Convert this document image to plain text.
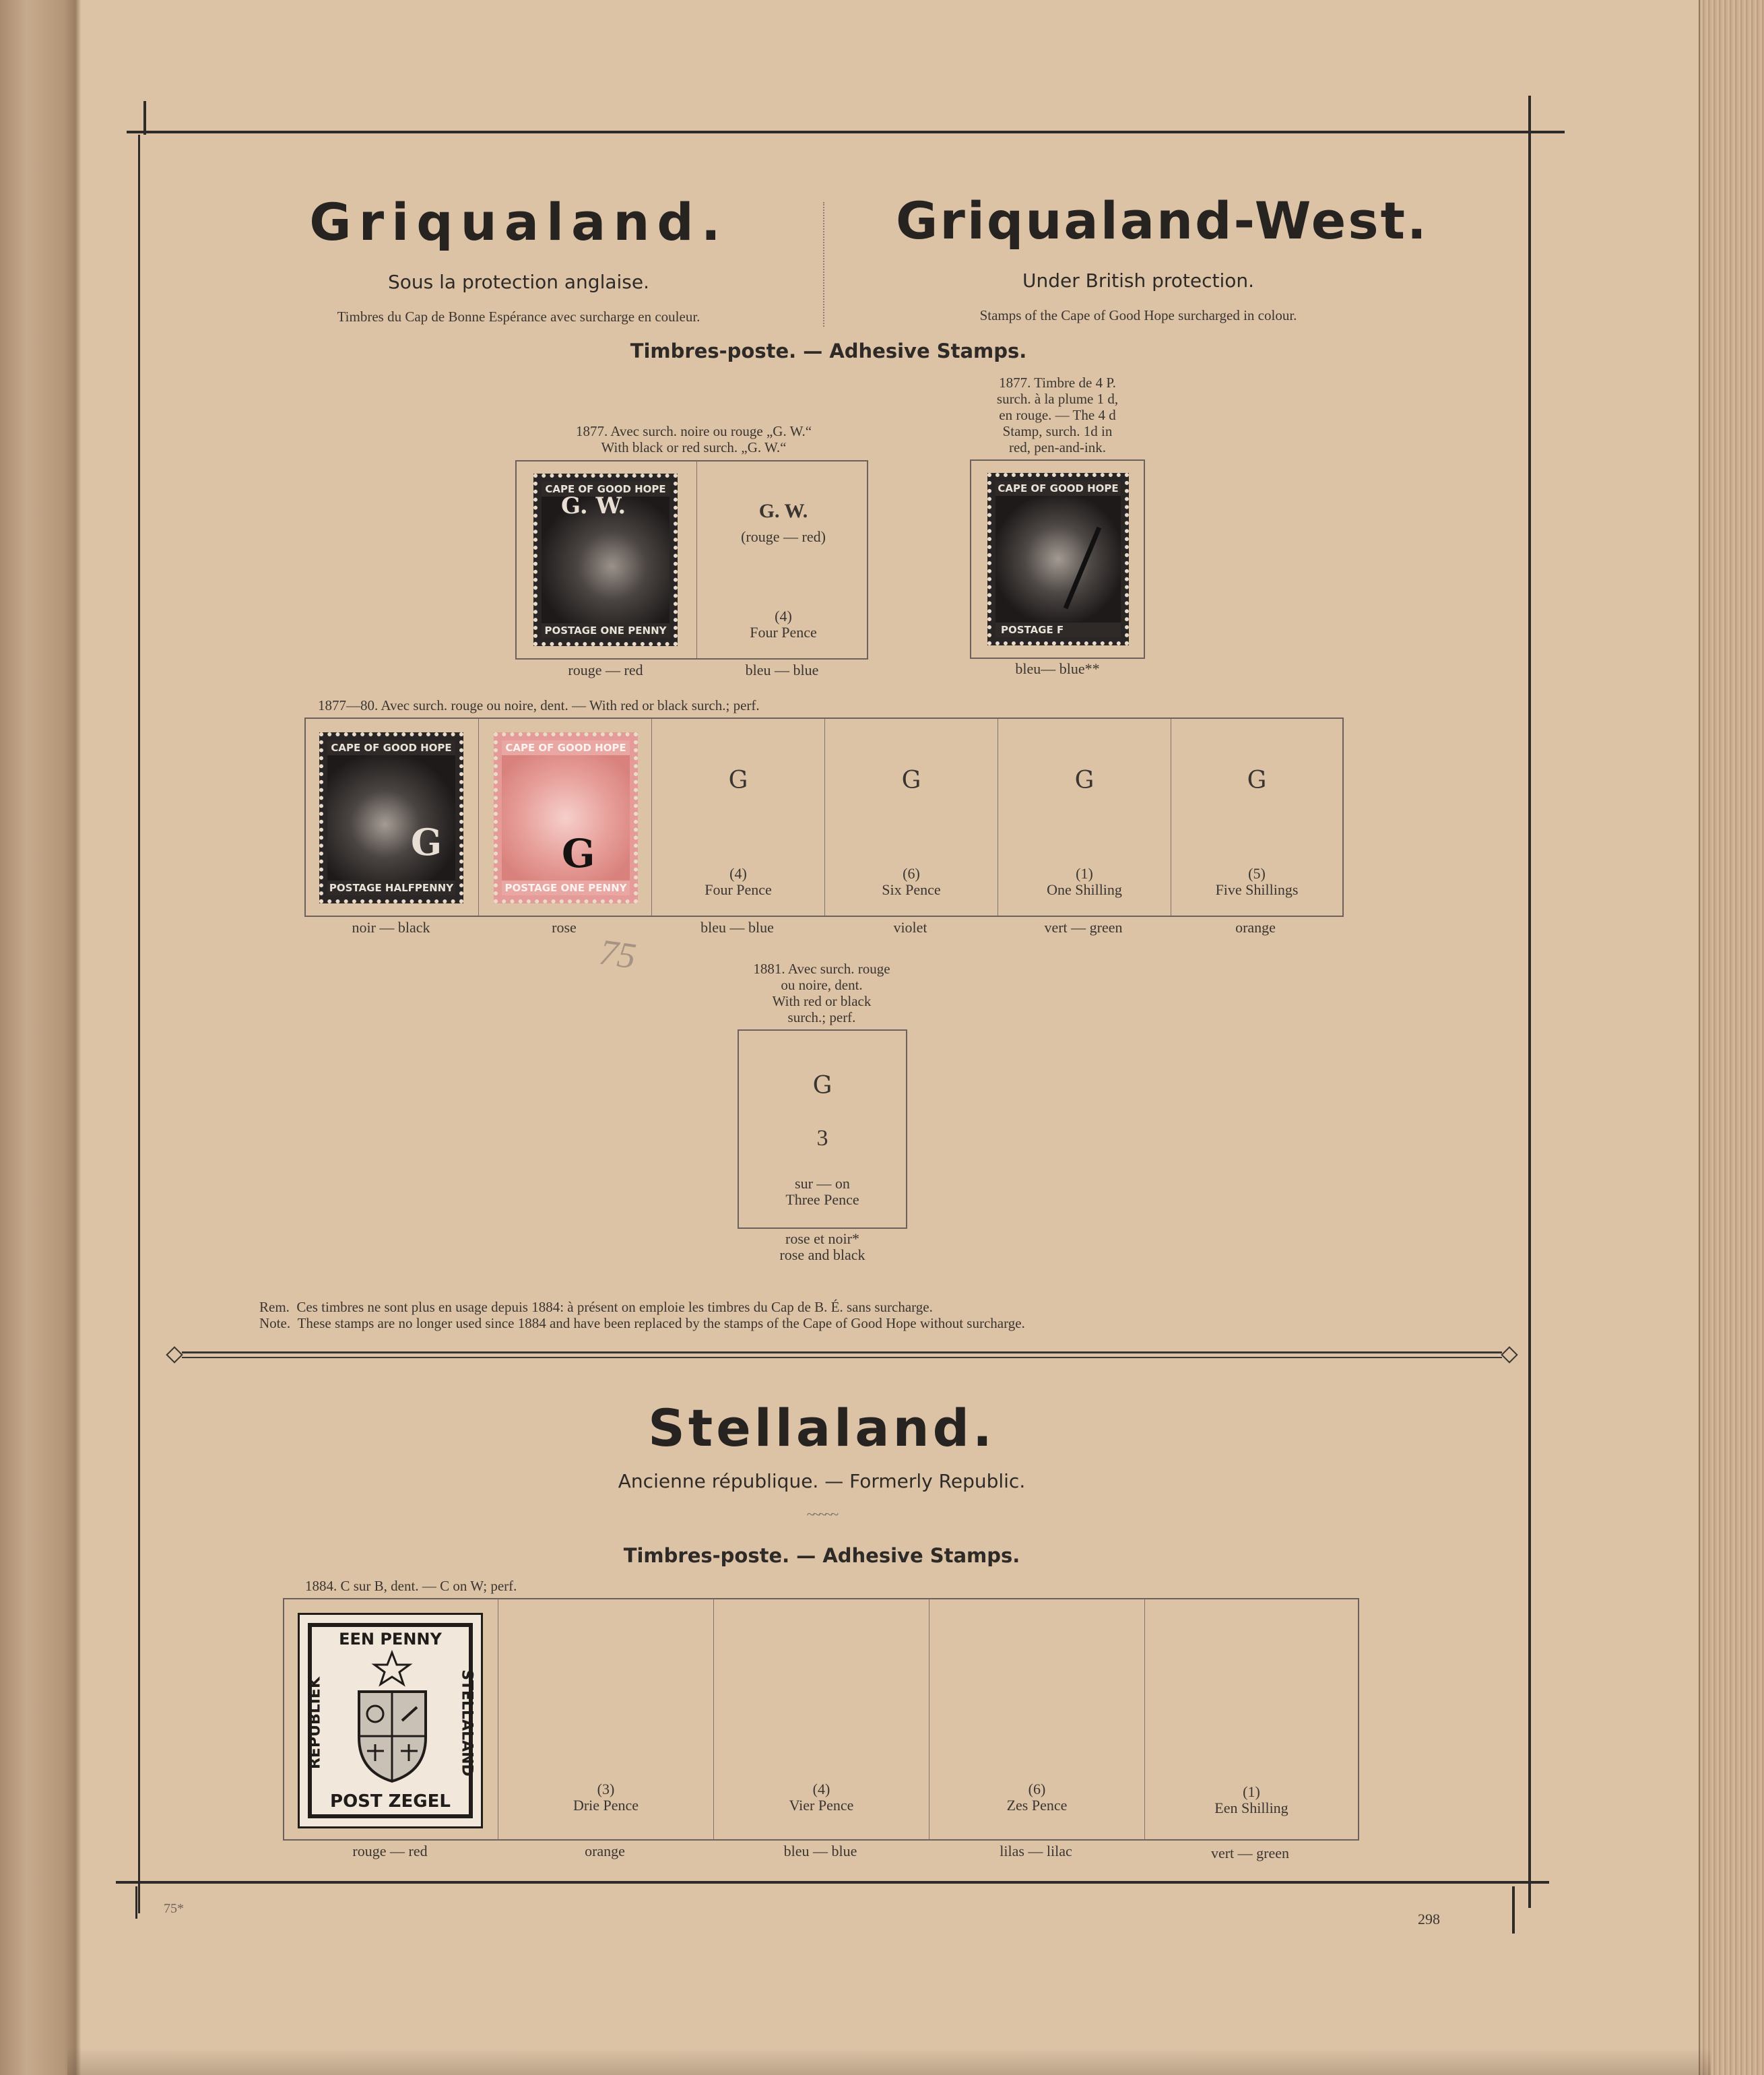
Griqualand.
Sous la protection anglaise.
Timbres du Cap de Bonne Espérance avec surcharge en couleur.
Griqualand-West.
Under British protection.
Stamps of the Cape of Good Hope surcharged in colour.
Timbres-poste. — Adhesive Stamps.
1877. Avec surch. noire ou rouge „G. W.“
With black or red surch. „G. W.“
CAPE OF GOOD HOPE
POSTAGE ONE PENNY
G. W.	G. W.
(rouge — red)
(4)
Four Pence
rouge — red	bleu — blue
1877. Timbre de 4 P.
surch. à la plume 1 d,
en rouge. — The 4 d
Stamp, surch. 1d in
red, pen-and-ink.
CAPE OF GOOD HOPE
POSTAGE F
bleu— blue**
1877—80. Avec surch. rouge ou noire, dent. — With red or black surch.; perf.
CAPE OF GOOD HOPE
POSTAGE HALFPENNY
G
CAPE OF GOOD HOPE
POSTAGE ONE PENNY
G
G
(4)
Four Pence
G
(6)
Six Pence
G
(1)
One Shilling
G
(5)
Five Shillings
noir — black	rose	bleu — blue	violet	vert — green	orange
75	1881. Avec surch. rouge
ou noire, dent.
With red or black
surch.; perf.
G
3
sur — on
Three Pence
rose et noir*
rose and black
Rem. Ces timbres ne sont plus en usage depuis 1884: à présent on emploie les timbres du Cap de B. É. sans surcharge.
Note. These stamps are no longer used since 1884 and have been replaced by the stamps of the Cape of Good Hope without surcharge.
Stellaland.
Ancienne république. — Formerly Republic.
~~~~~
Timbres-poste. — Adhesive Stamps.
1884. C sur B, dent. — C on W; perf.
EEN PENNY
POST ZEGEL
REPUBLIEK	STELLALAND
(3)
Drie Pence
(4)
Vier Pence
(6)
Zes Pence
(1)
Een Shilling
rouge — red	orange	bleu — blue	lilas — lilac	vert — green
75*
298
